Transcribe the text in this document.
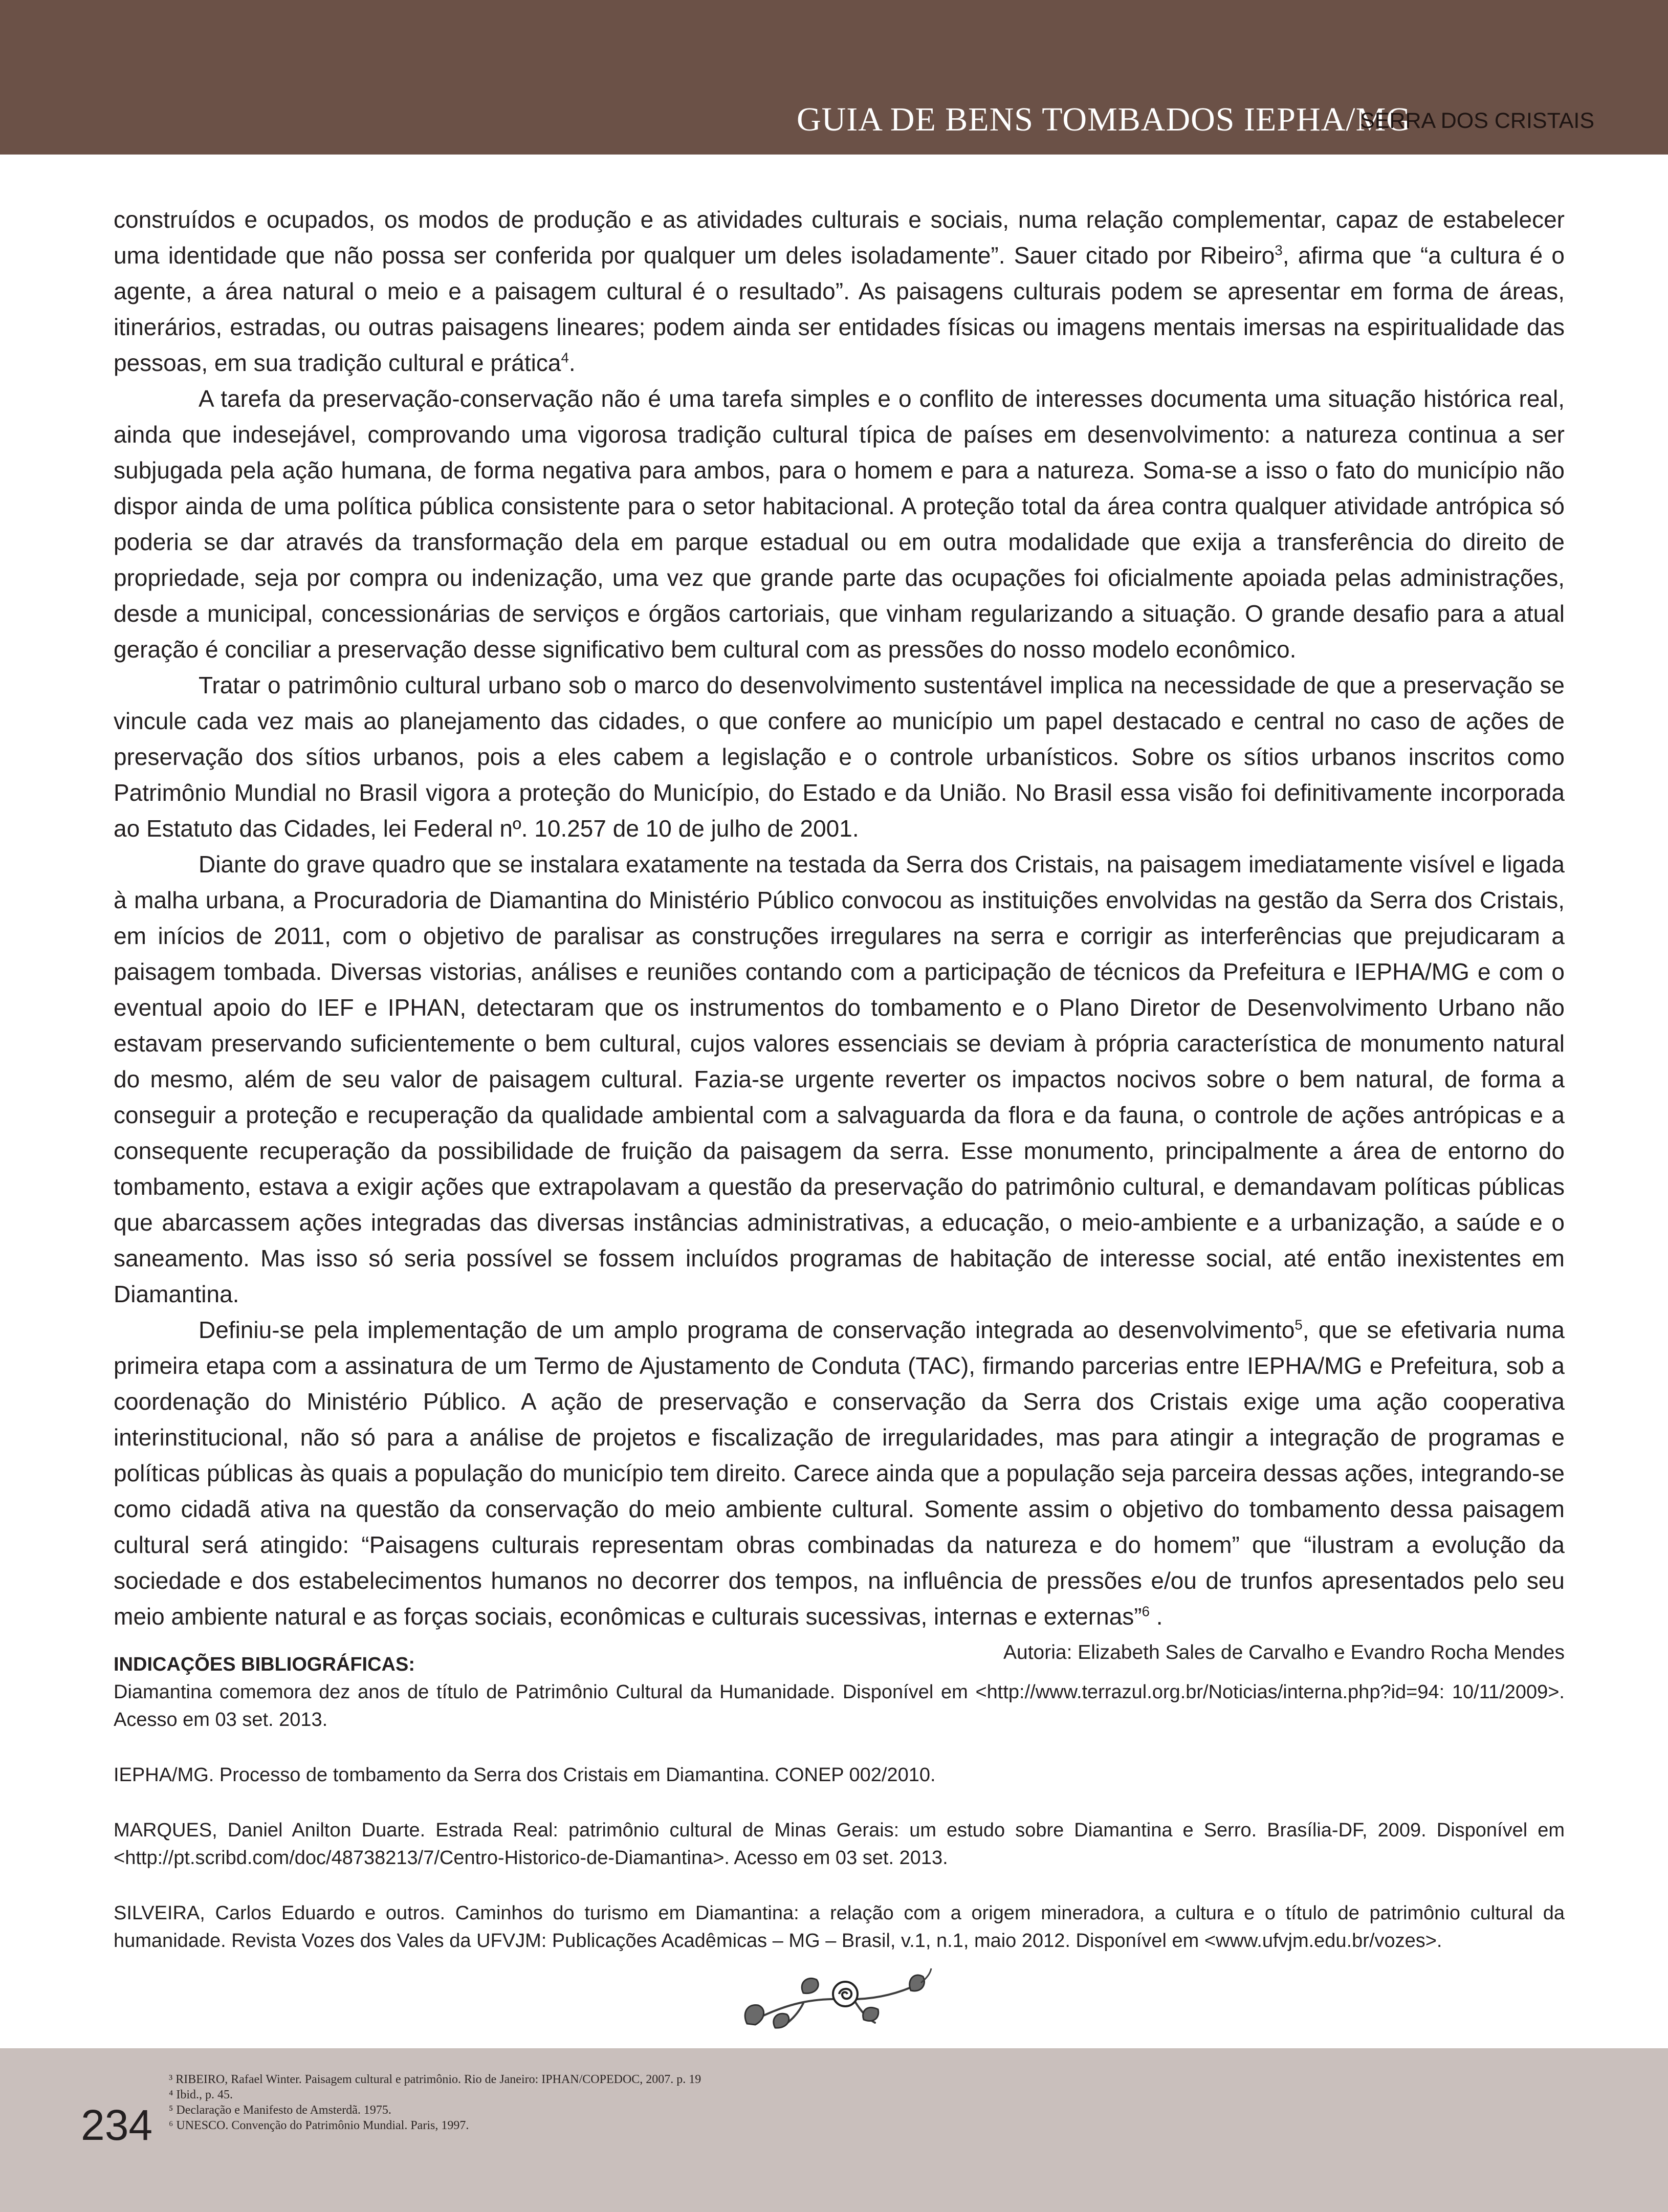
GUIA DE BENS TOMBADOS IEPHA/MG
SERRA DOS CRISTAIS

construídos e ocupados, os modos de produção e as atividades culturais e sociais, numa relação complementar, capaz de estabelecer uma identidade que não possa ser conferida por qualquer um deles isoladamente”. Sauer citado por Ribeiro$^3$, afirma que “a cultura é o agente, a área natural o meio e a paisagem cultural é o resultado”. As paisagens culturais podem se apresentar em forma de áreas, itinerários, estradas, ou outras paisagens lineares; podem ainda ser entidades físicas ou imagens mentais imersas na espiritualidade das pessoas, em sua tradição cultural e prática$^4$.

A tarefa da preservação-conservação não é uma tarefa simples e o conflito de interesses documenta uma situação histórica real, ainda que indesejável, comprovando uma vigorosa tradição cultural típica de países em desenvolvimento: a natureza continua a ser subjugada pela ação humana, de forma negativa para ambos, para o homem e para a natureza. Soma-se a isso o fato do município não dispor ainda de uma política pública consistente para o setor habitacional. A proteção total da área contra qualquer atividade antrópica só poderia se dar através da transformação dela em parque estadual ou em outra modalidade que exija a transferência do direito de propriedade, seja por compra ou indenização, uma vez que grande parte das ocupações foi oficialmente apoiada pelas administrações, desde a municipal, concessionárias de serviços e órgãos cartoriais, que vinham regularizando a situação. O grande desafio para a atual geração é conciliar a preservação desse significativo bem cultural com as pressões do nosso modelo econômico.

Tratar o patrimônio cultural urbano sob o marco do desenvolvimento sustentável implica na necessidade de que a preservação se vincule cada vez mais ao planejamento das cidades, o que confere ao município um papel destacado e central no caso de ações de preservação dos sítios urbanos, pois a eles cabem a legislação e o controle urbanísticos. Sobre os sítios urbanos inscritos como Patrimônio Mundial no Brasil vigora a proteção do Município, do Estado e da União. No Brasil essa visão foi definitivamente incorporada ao Estatuto das Cidades, lei Federal nº. 10.257 de 10 de julho de 2001.

Diante do grave quadro que se instalara exatamente na testada da Serra dos Cristais, na paisagem imediatamente visível e ligada à malha urbana, a Procuradoria de Diamantina do Ministério Público convocou as instituições envolvidas na gestão da Serra dos Cristais, em inícios de 2011, com o objetivo de paralisar as construções irregulares na serra e corrigir as interferências que prejudicaram a paisagem tombada. Diversas vistorias, análises e reuniões contando com a participação de técnicos da Prefeitura e IEPHA/MG e com o eventual apoio do IEF e IPHAN, detectaram que os instrumentos do tombamento e o Plano Diretor de Desenvolvimento Urbano não estavam preservando suficientemente o bem cultural, cujos valores essenciais se deviam à própria característica de monumento natural do mesmo, além de seu valor de paisagem cultural. Fazia-se urgente reverter os impactos nocivos sobre o bem natural, de forma a conseguir a proteção e recuperação da qualidade ambiental com a salvaguarda da flora e da fauna, o controle de ações antrópicas e a consequente recuperação da possibilidade de fruição da paisagem da serra. Esse monumento, principalmente a área de entorno do tombamento, estava a exigir ações que extrapolavam a questão da preservação do patrimônio cultural, e demandavam políticas públicas que abarcassem ações integradas das diversas instâncias administrativas, a educação, o meio-ambiente e a urbanização, a saúde e o saneamento. Mas isso só seria possível se fossem incluídos programas de habitação de interesse social, até então inexistentes em Diamantina.

Definiu-se pela implementação de um amplo programa de conservação integrada ao desenvolvimento$^5$, que se efetivaria numa primeira etapa com a assinatura de um Termo de Ajustamento de Conduta (TAC), firmando parcerias entre IEPHA/MG e Prefeitura, sob a coordenação do Ministério Público. A ação de preservação e conservação da Serra dos Cristais exige uma ação cooperativa interinstitucional, não só para a análise de projetos e fiscalização de irregularidades, mas para atingir a integração de programas e políticas públicas às quais a população do município tem direito. Carece ainda que a população seja parceira dessas ações, integrando-se como cidadã ativa na questão da conservação do meio ambiente cultural. Somente assim o objetivo do tombamento dessa paisagem cultural será atingido: “Paisagens culturais representam obras combinadas da natureza e do homem” que “ilustram a evolução da sociedade e dos estabelecimentos humanos no decorrer dos tempos, na influência de pressões e/ou de trunfos apresentados pelo seu meio ambiente natural e as forças sociais, econômicas e culturais sucessivas, internas e externas”$^6$ .

Autoria: Elizabeth Sales de Carvalho e Evandro Rocha Mendes
INDICAÇÕES BIBLIOGRÁFICAS:

Diamantina comemora dez anos de título de Patrimônio Cultural da Humanidade. Disponível em <http://www.terrazul.org.br/Noticias/interna.php?id=94: 10/11/2009>. Acesso em 03 set. 2013.

IEPHA/MG. Processo de tombamento da Serra dos Cristais em Diamantina. CONEP 002/2010.

MARQUES, Daniel Anilton Duarte. Estrada Real: patrimônio cultural de Minas Gerais: um estudo sobre Diamantina e Serro. Brasília-DF, 2009. Disponível em <http://pt.scribd.com/doc/48738213/7/Centro-Historico-de-Diamantina>. Acesso em 03 set. 2013.

SILVEIRA, Carlos Eduardo e outros. Caminhos do turismo em Diamantina: a relação com a origem mineradora, a cultura e o título de patrimônio cultural da humanidade. Revista Vozes dos Vales da UFVJM: Publicações Acadêmicas – MG – Brasil, v.1, n.1, maio 2012. Disponível em <www.ufvjm.edu.br/vozes>.

234
³ RIBEIRO, Rafael Winter. Paisagem cultural e patrimônio. Rio de Janeiro: IPHAN/COPEDOC, 2007. p. 19
⁴ Ibid., p. 45.
⁵ Declaração e Manifesto de Amsterdã. 1975.
⁶ UNESCO. Convenção do Patrimônio Mundial. Paris, 1997.
